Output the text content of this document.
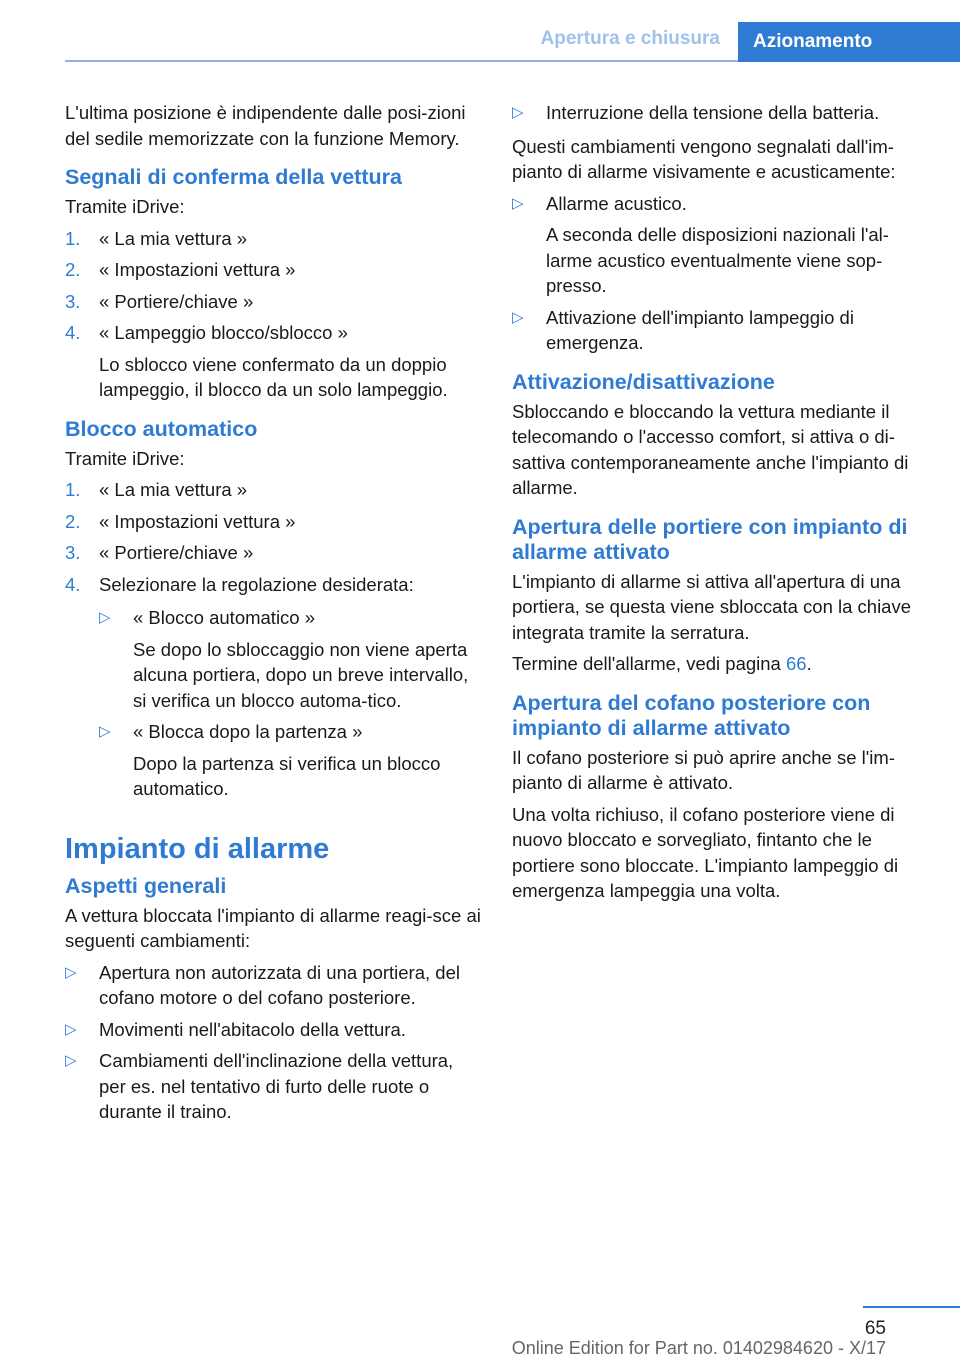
Apertura e chiusura	Azionamento

L'ultima posizione è indipendente dalle posi‐zioni del sedile memorizzate con la funzione Memory.

Segnali di conferma della vettura

Tramite iDrive:

1. « La mia vettura »
2. « Impostazioni vettura »
3. « Portiere/chiave »
4. « Lampeggio blocco/sblocco »
Lo sblocco viene confermato da un doppio lampeggio, il blocco da un solo lampeggio.
Blocco automatico

Tramite iDrive:

1. « La mia vettura »
2. « Impostazioni vettura »
3. « Portiere/chiave »
4. Selezionare la regolazione desiderata:
▷ « Blocco automatico »
Se dopo lo sbloccaggio non viene aperta alcuna portiera, dopo un breve intervallo, si verifica un blocco automa‐tico.
▷ « Blocca dopo la partenza »
Dopo la partenza si verifica un blocco automatico.
Impianto di allarme
Aspetti generali

A vettura bloccata l'impianto di allarme reagi‐sce ai seguenti cambiamenti:

▷ Apertura non autorizzata di una portiera, del cofano motore o del cofano posteriore.
▷ Movimenti nell'abitacolo della vettura.
▷ Cambiamenti dell'inclinazione della vettura, per es. nel tentativo di furto delle ruote o durante il traino.
▷ Interruzione della tensione della batteria.

Questi cambiamenti vengono segnalati dall'im‐pianto di allarme visivamente e acusticamente:

▷ Allarme acustico.
A seconda delle disposizioni nazionali l'al‐larme acustico eventualmente viene sop‐presso.
▷ Attivazione dell'impianto lampeggio di emergenza.
Attivazione/disattivazione

Sbloccando e bloccando la vettura mediante il telecomando o l'accesso comfort, si attiva o di‐sattiva contemporaneamente anche l'impianto di allarme.

Apertura delle portiere con impianto di allarme attivato

L'impianto di allarme si attiva all'apertura di una portiera, se questa viene sbloccata con la chiave integrata tramite la serratura.

Termine dell'allarme, vedi pagina 66.

Apertura del cofano posteriore con impianto di allarme attivato

Il cofano posteriore si può aprire anche se l'im‐pianto di allarme è attivato.

Una volta richiuso, il cofano posteriore viene di nuovo bloccato e sorvegliato, fintanto che le portiere sono bloccate. L'impianto lampeggio di emergenza lampeggia una volta.

65
Online Edition for Part no. 01402984620 - X/17
